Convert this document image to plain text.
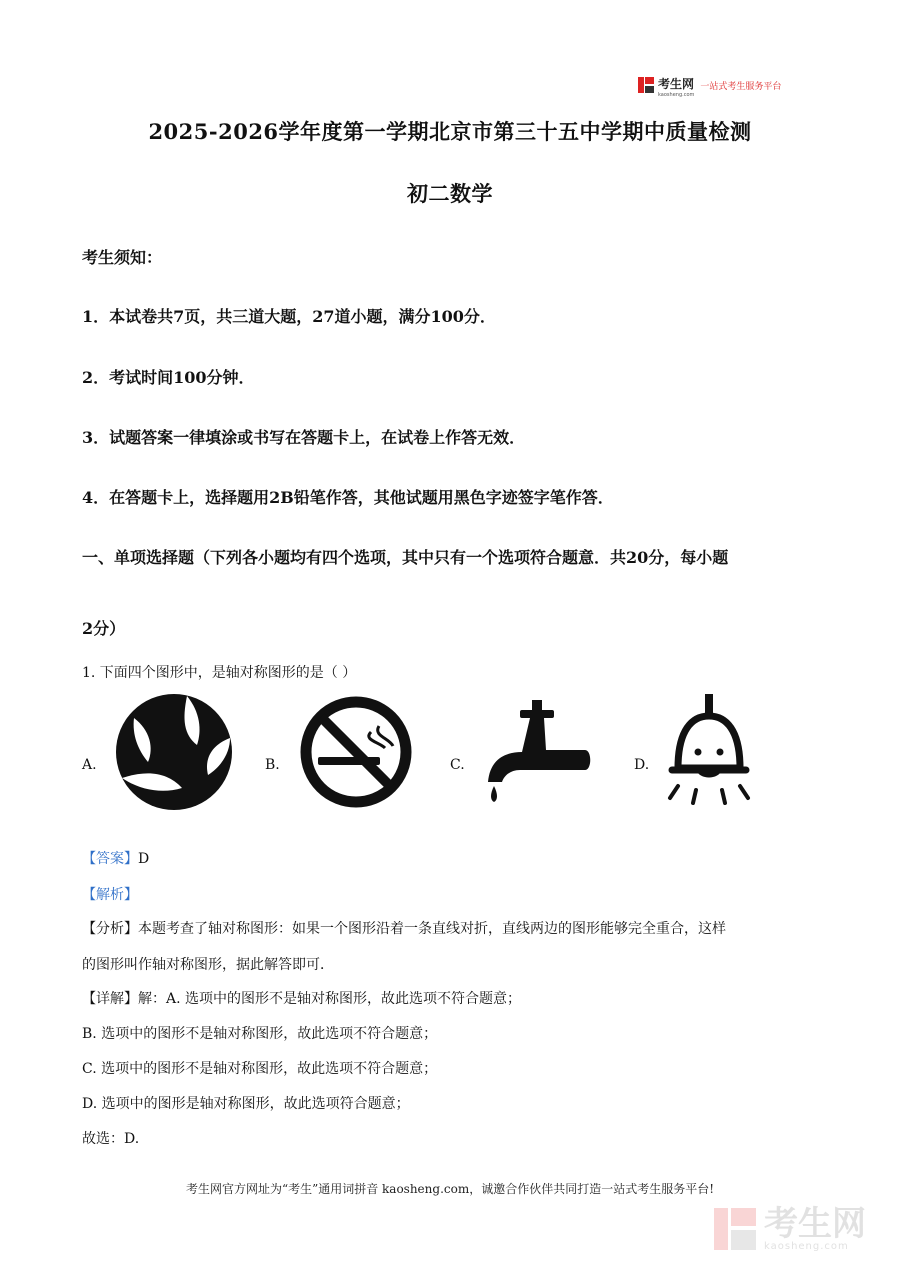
考生网
kaosheng.com
一站式考生服务平台
2025-2026学年度第一学期北京市第三十五中学期中质量检测
初二数学
考生须知：
1．本试卷共7页，共三道大题，27道小题，满分100分．
2．考试时间100分钟．
3．试题答案一律填涂或书写在答题卡上，在试卷上作答无效．
4．在答题卡上，选择题用2B铅笔作答，其他试题用黑色字迹签字笔作答．
一、单项选择题（下列各小题均有四个选项，其中只有一个选项符合题意．共20分，每小题
2分）
1. 下面四个图形中，是轴对称图形的是（ ）
A.	B.	C.	D.
【答案】D
【解析】
【分析】本题考查了轴对称图形：如果一个图形沿着一条直线对折，直线两边的图形能够完全重合，这样
的图形叫作轴对称图形，据此解答即可．
【详解】解：A. 选项中的图形不是轴对称图形，故此选项不符合题意；
B. 选项中的图形不是轴对称图形，故此选项不符合题意；
C. 选项中的图形不是轴对称图形，故此选项不符合题意；
D. 选项中的图形是轴对称图形，故此选项符合题意；
故选：D.
考生网官方网址为“考生”通用词拼音 kaosheng.com，诚邀合作伙伴共同打造一站式考生服务平台!
考生网
kaosheng.com
